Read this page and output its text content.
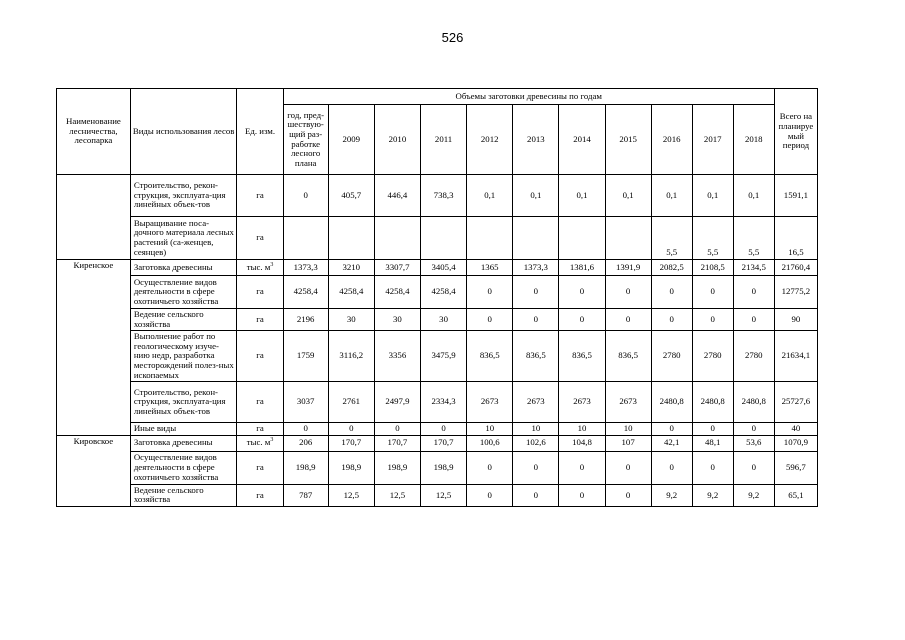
526
Наименование лесничества, лесопарка	Виды использования лесов	Ед. изм.	Объемы заготовки древесины по годам											Всего на планируе мый период
			год, пред-шествую-щий раз-работке лесного плана	2009	2010	2011	2012	2013	2014	2015	2016	2017	2018	
	Строительство, рекон-струкция, эксплуата-ция линейных объек-тов	га	0	405,7	446,4	738,3	0,1	0,1	0,1	0,1	0,1	0,1	0,1	1591,1
	Выращивание поса-дочного материала лесных растений (са-женцев, сеянцев)	га									5,5	5,5	5,5	16,5
Киренское	Заготовка древесины	тыс. $м^3$	1373,3	3210	3307,7	3405,4	1365	1373,3	1381,6	1391,9	2082,5	2108,5	2134,5	21760,4
	Осуществление видов деятельности в сфере охотничьего хозяйства	га	4258,4	4258,4	4258,4	4258,4	0	0	0	0	0	0	0	12775,2
	Ведение сельского хозяйства	га	2196	30	30	30	0	0	0	0	0	0	0	90
	Выполнение работ по геологическому изуче-нию недр, разработка месторождений полез-ных ископаемых	га	1759	3116,2	3356	3475,9	836,5	836,5	836,5	836,5	2780	2780	2780	21634,1
	Строительство, рекон-струкция, эксплуата-ция линейных объек-тов	га	3037	2761	2497,9	2334,3	2673	2673	2673	2673	2480,8	2480,8	2480,8	25727,6
	Иные виды	га	0	0	0	0	10	10	10	10	0	0	0	40
Кировское	Заготовка древесины	тыс. $м^3$	206	170,7	170,7	170,7	100,6	102,6	104,8	107	42,1	48,1	53,6	1070,9
	Осуществление видов деятельности в сфере охотничьего хозяйства	га	198,9	198,9	198,9	198,9	0	0	0	0	0	0	0	596,7
	Ведение сельского хозяйства	га	787	12,5	12,5	12,5	0	0	0	0	9,2	9,2	9,2	65,1
